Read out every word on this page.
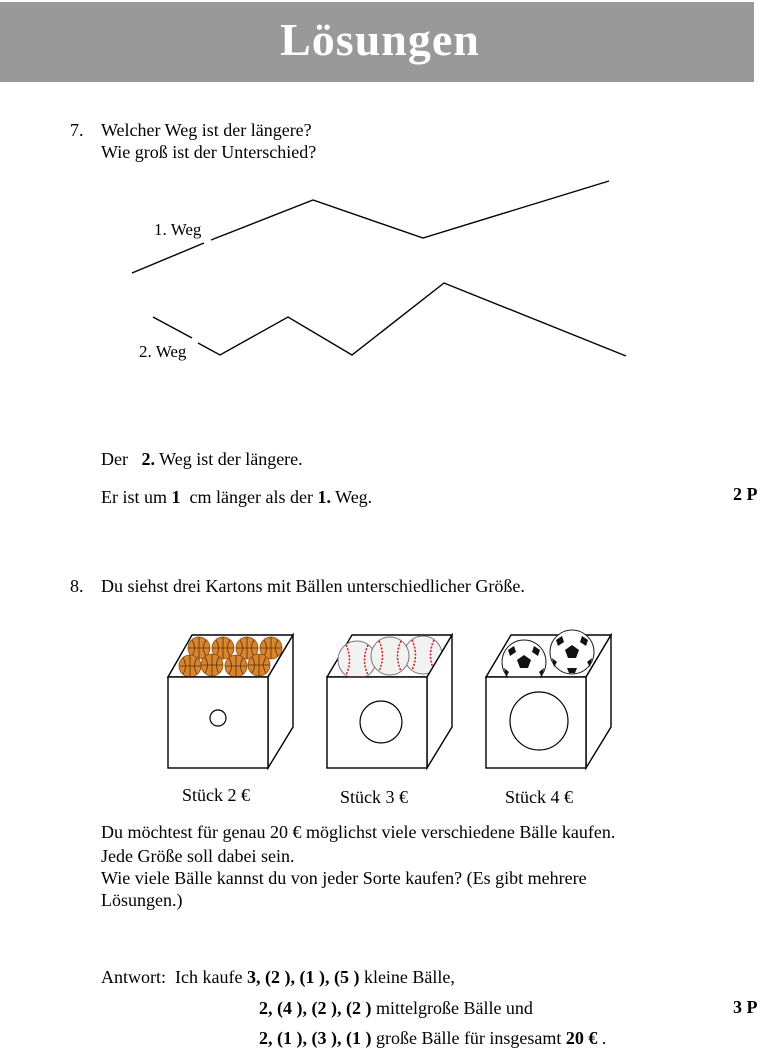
Lösungen
7. Welcher Weg ist der längere?
Wie groß ist der Unterschied?
1. Weg
2. Weg
Der 2. Weg ist der längere.
Er ist um 1 cm länger als der 1. Weg.	2 P
8. Du siehst drei Kartons mit Bällen unterschiedlicher Größe.
Stück 2 €	Stück 3 €	Stück 4 €
Du möchtest für genau 20 € möglichst viele verschiedene Bälle kaufen.
Jede Größe soll dabei sein.
Wie viele Bälle kannst du von jeder Sorte kaufen? (Es gibt mehrere
Lösungen.)
Antwort: Ich kaufe 3, (2 ), (1 ), (5 ) kleine Bälle,
2, (4 ), (2 ), (2 ) mittelgroße Bälle und
2, (1 ), (3 ), (1 ) große Bälle für insgesamt 20 € .
3 P
